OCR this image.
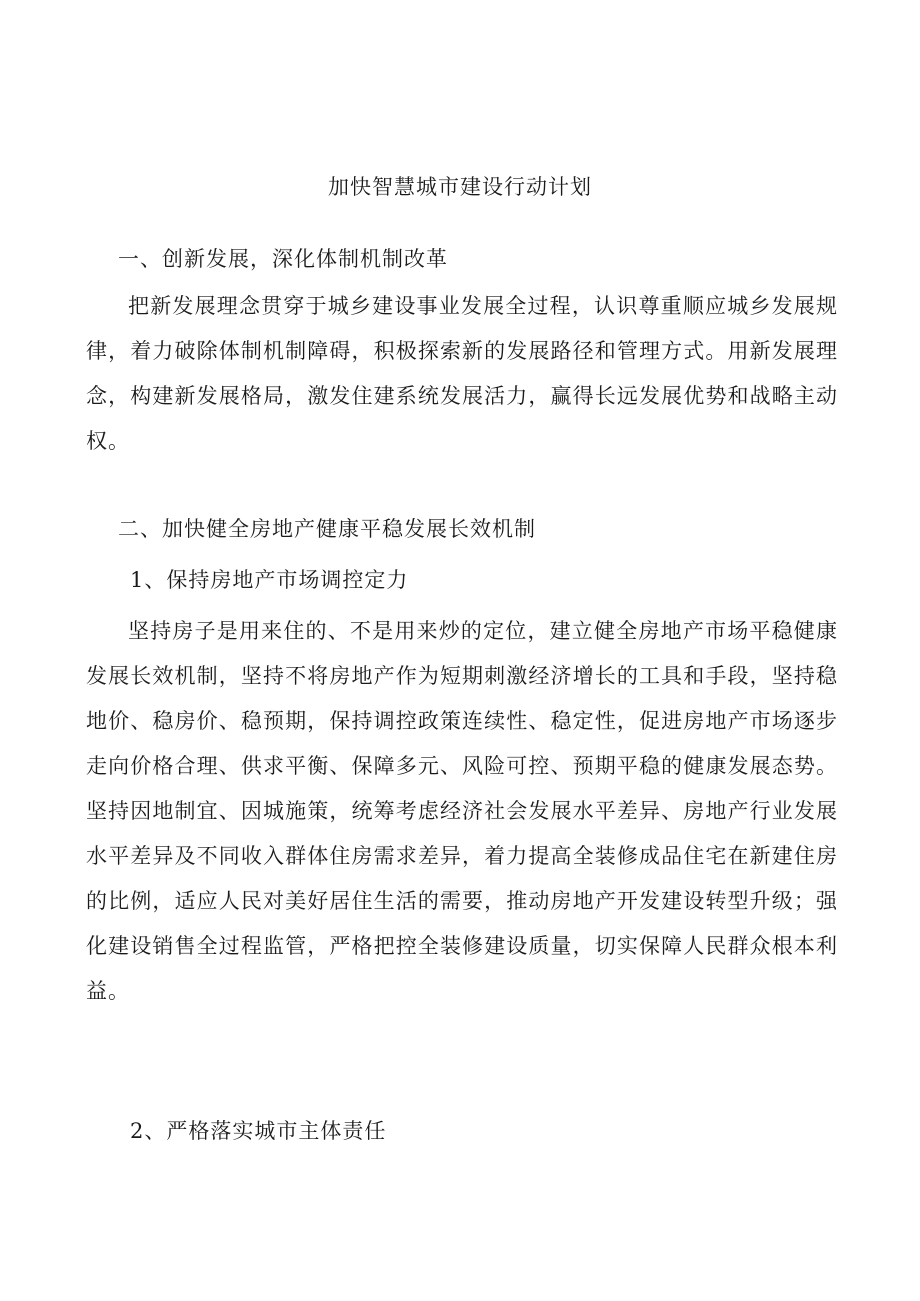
加快智慧城市建设行动计划
一、创新发展，深化体制机制改革

把新发展理念贯穿于城乡建设事业发展全过程，认识尊重顺应城乡发展规律，着力破除体制机制障碍，积极探索新的发展路径和管理方式。用新发展理念，构建新发展格局，激发住建系统发展活力，赢得长远发展优势和战略主动权。

二、加快健全房地产健康平稳发展长效机制
1、保持房地产市场调控定力

坚持房子是用来住的、不是用来炒的定位，建立健全房地产市场平稳健康发展长效机制，坚持不将房地产作为短期刺激经济增长的工具和手段，坚持稳地价、稳房价、稳预期，保持调控政策连续性、稳定性，促进房地产市场逐步走向价格合理、供求平衡、保障多元、风险可控、预期平稳的健康发展态势。坚持因地制宜、因城施策，统筹考虑经济社会发展水平差异、房地产行业发展水平差异及不同收入群体住房需求差异，着力提高全装修成品住宅在新建住房的比例，适应人民对美好居住生活的需要，推动房地产开发建设转型升级；强化建设销售全过程监管，严格把控全装修建设质量，切实保障人民群众根本利益。

2、严格落实城市主体责任
